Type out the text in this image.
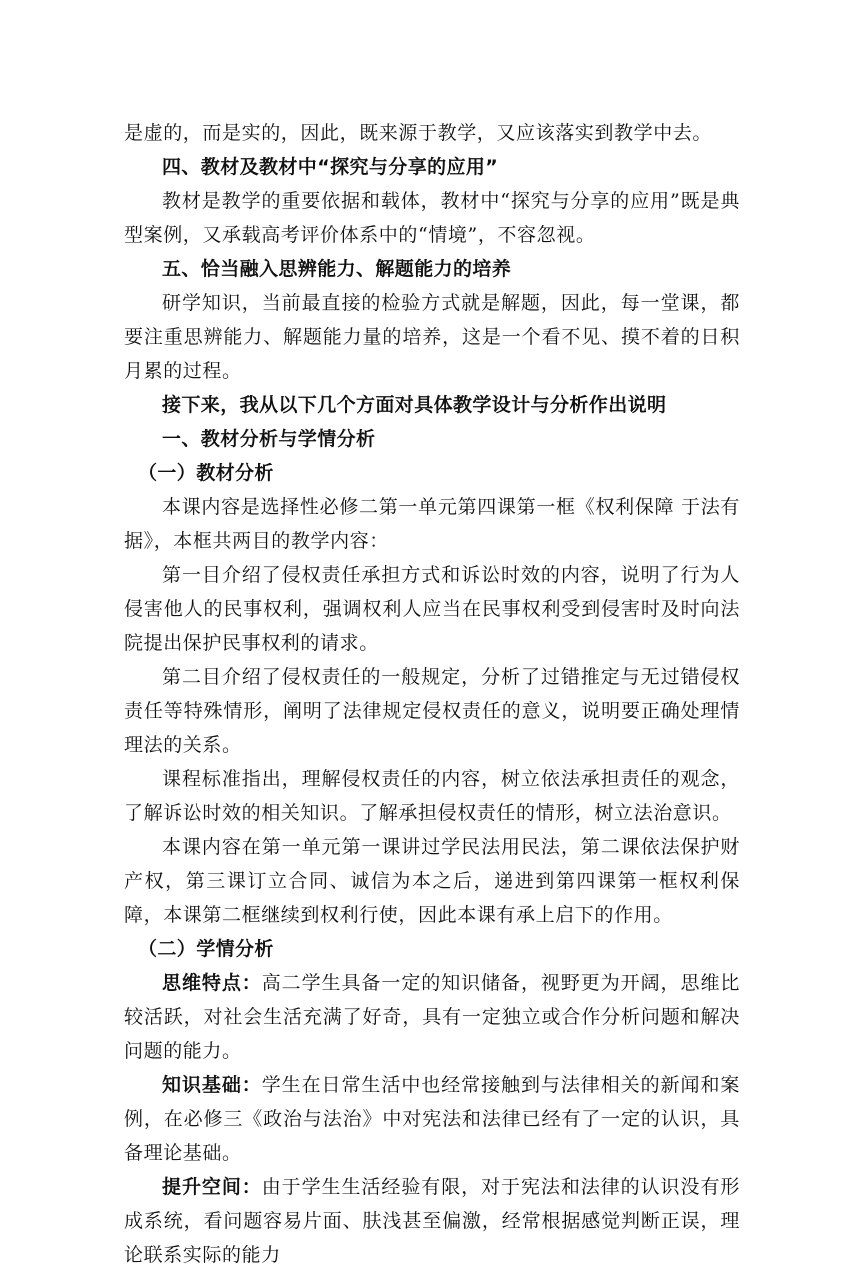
是虚的，而是实的，因此，既来源于教学，又应该落实到教学中去。

四、教材及教材中“探究与分享的应用”

教材是教学的重要依据和载体，教材中“探究与分享的应用”既是典型案例，又承载高考评价体系中的“情境”，不容忽视。

五、恰当融入思辨能力、解题能力的培养

研学知识，当前最直接的检验方式就是解题，因此，每一堂课，都要注重思辨能力、解题能力量的培养，这是一个看不见、摸不着的日积月累的过程。

接下来，我从以下几个方面对具体教学设计与分析作出说明

一、教材分析与学情分析

（一）教材分析

本课内容是选择性必修二第一单元第四课第一框《权利保障 于法有据》，本框共两目的教学内容：

第一目介绍了侵权责任承担方式和诉讼时效的内容，说明了行为人侵害他人的民事权利，强调权利人应当在民事权利受到侵害时及时向法院提出保护民事权利的请求。

第二目介绍了侵权责任的一般规定，分析了过错推定与无过错侵权责任等特殊情形，阐明了法律规定侵权责任的意义，说明要正确处理情理法的关系。

课程标准指出，理解侵权责任的内容，树立依法承担责任的观念，了解诉讼时效的相关知识。了解承担侵权责任的情形，树立法治意识。

本课内容在第一单元第一课讲过学民法用民法，第二课依法保护财产权，第三课订立合同、诚信为本之后，递进到第四课第一框权利保障，本课第二框继续到权利行使，因此本课有承上启下的作用。

（二）学情分析

思维特点：高二学生具备一定的知识储备，视野更为开阔，思维比较活跃，对社会生活充满了好奇，具有一定独立或合作分析问题和解决问题的能力。

知识基础：学生在日常生活中也经常接触到与法律相关的新闻和案例，在必修三《政治与法治》中对宪法和法律已经有了一定的认识，具备理论基础。

提升空间：由于学生生活经验有限，对于宪法和法律的认识没有形成系统，看问题容易片面、肤浅甚至偏激，经常根据感觉判断正误，理论联系实际的能力
